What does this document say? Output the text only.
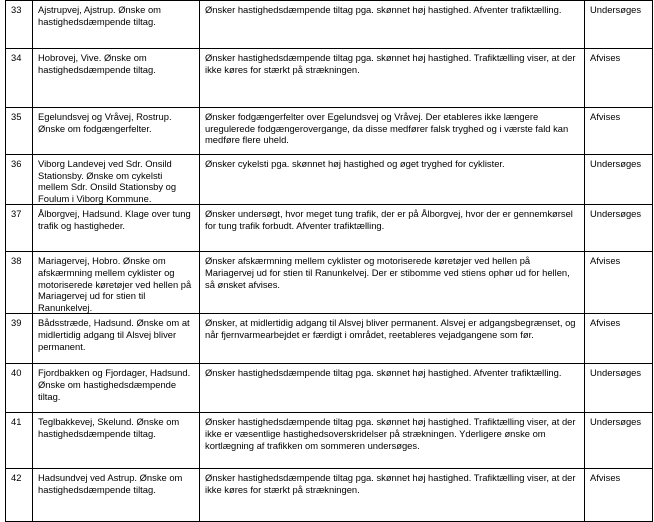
33	Ajstrupvej, Ajstrup. Ønske om hastighedsdæmpende tiltag.	Ønsker hastighedsdæmpende tiltag pga. skønnet høj hastighed. Afventer trafiktælling.	Undersøges
34	Hobrovej, Vive. Ønske om hastighedsdæmpende tiltag.	Ønsker hastighedsdæmpende tiltag pga. skønnet høj hastighed. Trafiktælling viser, at der ikke køres for stærkt på strækningen.	Afvises
35	Egelundsvej og Vråvej, Rostrup. Ønske om fodgængerfelter.	Ønsker fodgængerfelter over Egelundsvej og Vråvej. Der etableres ikke længere uregulerede fodgængerovergange, da disse medfører falsk tryghed og i værste fald kan medføre flere uheld.	Afvises
36	Viborg Landevej ved Sdr. Onsild Stationsby. Ønske om cykelsti mellem Sdr. Onsild Stationsby og Foulum i Viborg Kommune.	Ønsker cykelsti pga. skønnet høj hastighed og øget tryghed for cyklister.	Undersøges
37	Ålborgvej, Hadsund. Klage over tung trafik og hastigheder.	Ønsker undersøgt, hvor meget tung trafik, der er på Ålborgvej, hvor der er gennemkørsel for tung trafik forbudt. Afventer trafiktælling.	Undersøges
38	Mariagervej, Hobro. Ønske om afskærmning mellem cyklister og motoriserede køretøjer ved hellen på Mariagervej ud for stien til Ranunkelvej.	Ønsker afskærmning mellem cyklister og motoriserede køretøjer ved hellen på Mariagervej ud for stien til Ranunkelvej. Der er stibomme ved stiens ophør ud for hellen, så ønsket afvises.	Afvises
39	Bådsstræde, Hadsund. Ønske om at midlertidig adgang til Alsvej bliver permanent.	Ønsker, at midlertidig adgang til Alsvej bliver permanent. Alsvej er adgangsbegrænset, og når fjernvarmearbejdet er færdigt i området, reetableres vejadgangene som før.	Afvises
40	Fjordbakken og Fjordager, Hadsund. Ønske om hastighedsdæmpende tiltag.	Ønsker hastighedsdæmpende tiltag pga. skønnet høj hastighed. Afventer trafiktælling.	Undersøges
41	Teglbakkevej, Skelund. Ønske om hastighedsdæmpende tiltag.	Ønsker hastighedsdæmpende tiltag pga. skønnet høj hastighed. Trafiktælling viser, at der ikke er væsentlige hastighedsoverskridelser på strækningen. Yderligere ønske om kortlægning af trafikken om sommeren undersøges.	Undersøges
42	Hadsundvej ved Astrup. Ønske om hastighedsdæmpende tiltag.	Ønsker hastighedsdæmpende tiltag pga. skønnet høj hastighed. Trafiktælling viser, at der ikke køres for stærkt på strækningen.	Afvises
